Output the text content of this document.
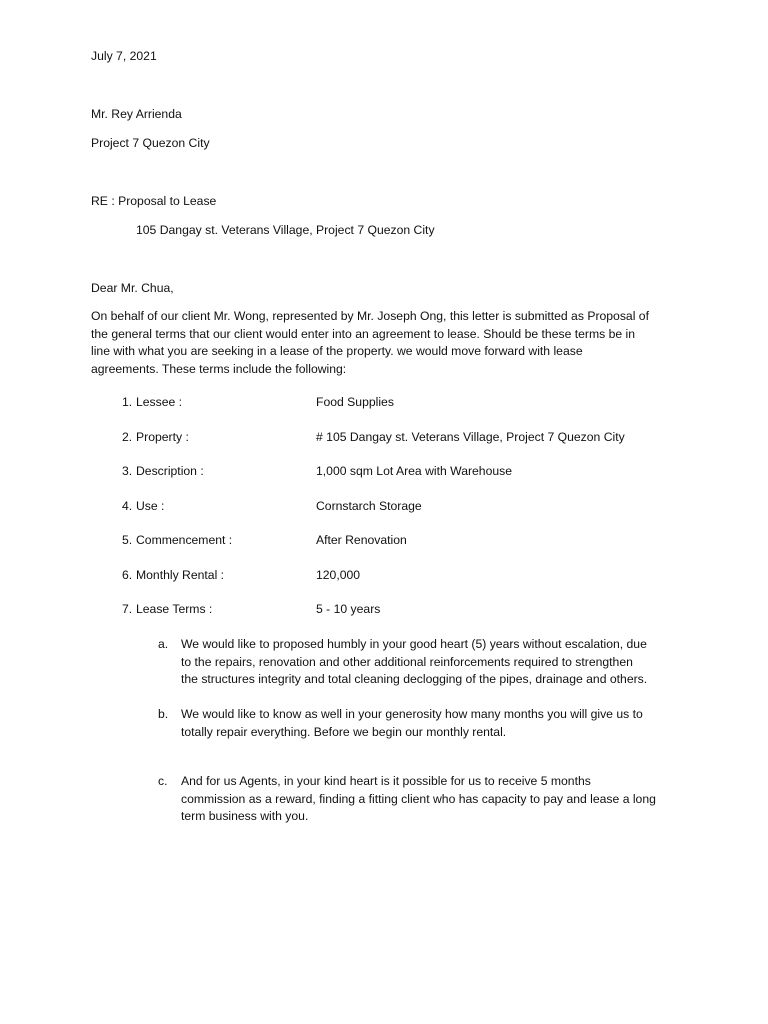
July 7, 2021
Mr. Rey Arrienda
Project 7 Quezon City
RE : Proposal to Lease
105 Dangay st. Veterans Village, Project 7 Quezon City
Dear Mr. Chua,
On behalf of our client Mr. Wong, represented by Mr. Joseph Ong, this letter is submitted as Proposal of
the general terms that our client would enter into an agreement to lease. Should be these terms be in
line with what you are seeking in a lease of the property. we would move forward with lease
agreements. These terms include the following:
1. Lessee :	Food Supplies
2. Property :	# 105 Dangay st. Veterans Village, Project 7 Quezon City
3. Description :	1,000 sqm Lot Area with Warehouse
4. Use :	Cornstarch Storage
5. Commencement :	After Renovation
6. Monthly Rental :	120,000
7. Lease Terms :	5 - 10 years
a. We would like to proposed humbly in your good heart (5) years without escalation, due
to the repairs, renovation and other additional reinforcements required to strengthen
the structures integrity and total cleaning declogging of the pipes, drainage and others.
b. We would like to know as well in your generosity how many months you will give us to
totally repair everything. Before we begin our monthly rental.
c. And for us Agents, in your kind heart is it possible for us to receive 5 months
commission as a reward, finding a fitting client who has capacity to pay and lease a long
term business with you.
